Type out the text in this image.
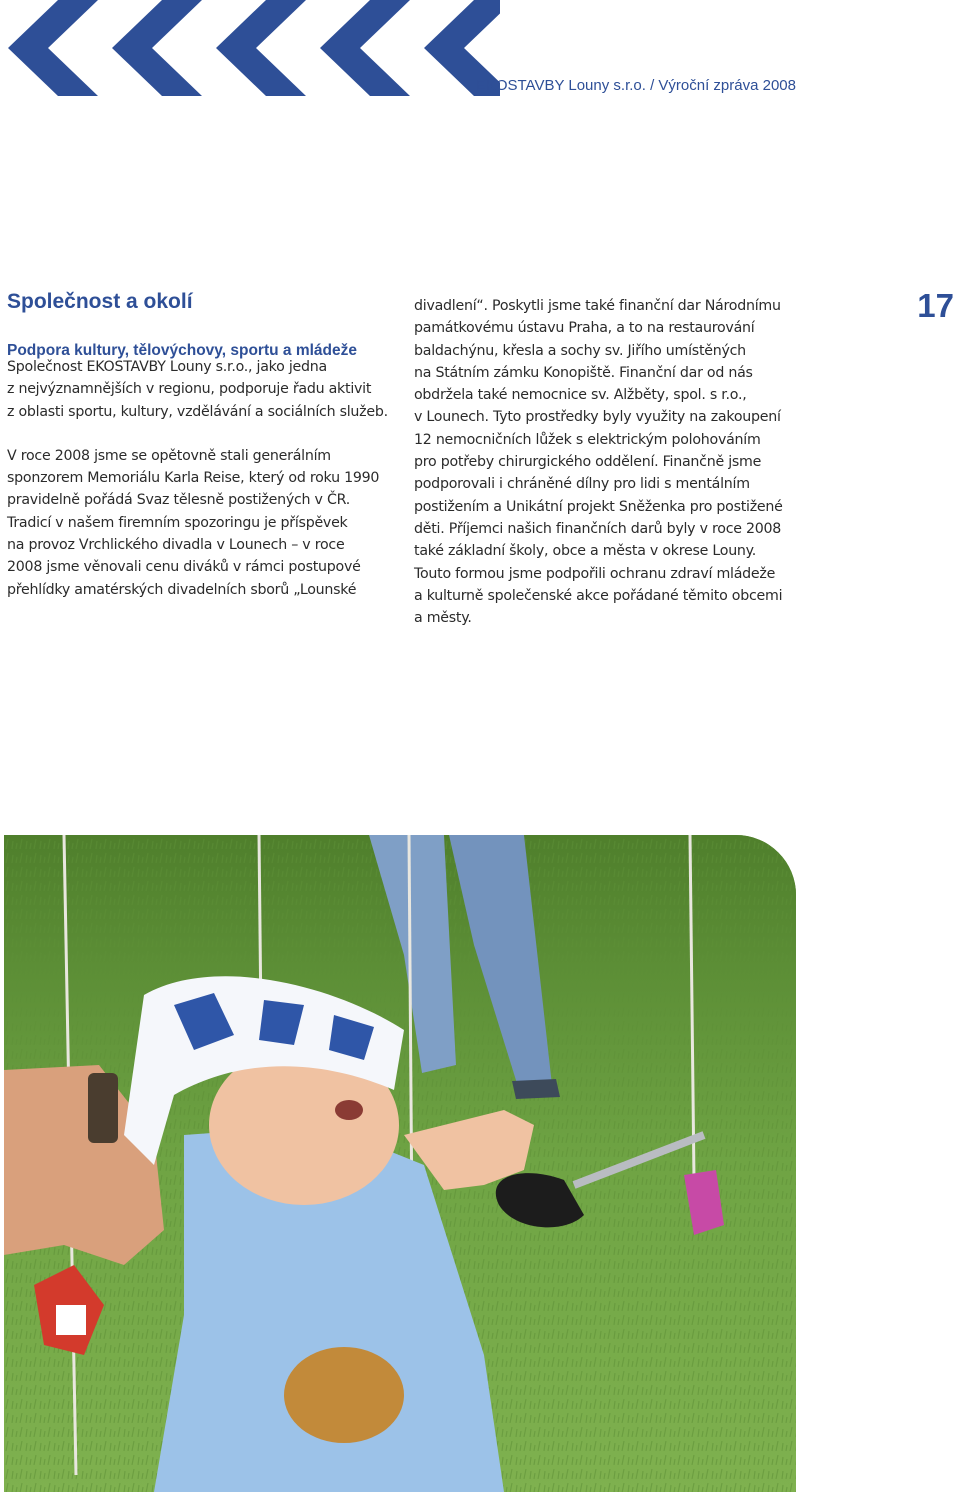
EKOSTAVBY Louny s.r.o. / Výroční zpráva 2008
Společnost a okolí
Podpora kultury, tělovýchovy, sportu a mládeže
17

Společnost EKOSTAVBY Louny s.r.o., jako jedna
z nejvýznamnějších v regionu, podporuje řadu aktivit
z oblasti sportu, kultury, vzdělávání a sociálních služeb.

V roce 2008 jsme se opětovně stali generálním
sponzorem Memoriálu Karla Reise, který od roku 1990
pravidelně pořádá Svaz tělesně postižených v ČR.
Tradicí v našem firemním spozoringu je příspěvek
na provoz Vrchlického divadla v Lounech – v roce
2008 jsme věnovali cenu diváků v rámci postupové
přehlídky amatérských divadelních sborů „Lounské

divadlení“. Poskytli jsme také finanční dar Národnímu
památkovému ústavu Praha, a to na restaurování
baldachýnu, křesla a sochy sv. Jiřího umístěných
na Státním zámku Konopiště. Finanční dar od nás
obdržela také nemocnice sv. Alžběty, spol. s r.o.,
v Lounech. Tyto prostředky byly využity na zakoupení
12 nemocničních lůžek s elektrickým polohováním
pro potřeby chirurgického oddělení. Finančně jsme
podporovali i chráněné dílny pro lidi s mentálním
postižením a Unikátní projekt Sněženka pro postižené
děti. Příjemci našich finančních darů byly v roce 2008
také základní školy, obce a města v okrese Louny.
Touto formou jsme podpořili ochranu zdraví mládeže
a kulturně společenské akce pořádané těmito obcemi
a městy.
